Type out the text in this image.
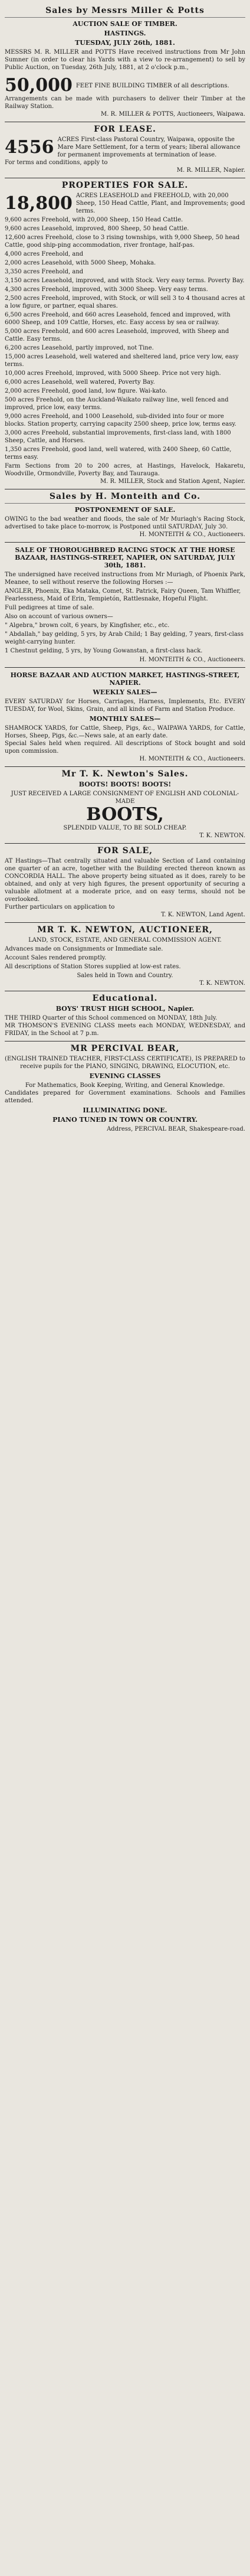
Sales by Messrs Miller & Potts
AUCTION SALE OF TIMBER.
HASTINGS.
TUESDAY, JULY 26th, 1881.
MESSRS M. R. MILLER and POTTS Have received instructions from Mr John Sumner (in order to clear his Yards with a view to re-arrangement) to sell by Public Auction, on Tuesday, 26th July, 1881, at 2 o'clock p.m.,
50,000 FEET FINE BUILDING TIMBER of all descriptions.
Arrangements can be made with purchasers to deliver their Timber at the Railway Station.
M. R. MILLER & POTTS, Auctioneers, Waipawa.
FOR LEASE.
4556 ACRES First-class Pastoral Country, Waipawa, opposite the Mare Mare Settlement, for a term of years; liberal allowance for permanent improvements at termination of lease.
For terms and conditions, apply to
M. R. MILLER, Napier.
PROPERTIES FOR SALE.
18,800 ACRES LEASEHOLD and FREEHOLD, with 20,000 Sheep, 150 Head Cattle, Plant, and Improvements; good terms.
9,600 acres Freehold, with 20,000 Sheep, 150 Head Cattle.
9,600 acres Leasehold, improved, 800 Sheep, 50 head Cattle.
12,600 acres Freehold, close to 3 rising townships, with 9,000 Sheep, 50 head Cattle, good ship-ping accommodation, river frontage, half-pas.
4,000 acres Freehold, and
2,000 acres Leasehold, with 5000 Sheep, Mohaka.
3,350 acres Freehold, and
3,150 acres Leasehold, improved, and with Stock. Very easy terms. Poverty Bay.
4,300 acres Freehold, improved, with 3000 Sheep. Very easy terms.
2,500 acres Freehold, improved, with Stock, or will sell 3 to 4 thousand acres at a low figure, or partner, equal shares.
6,500 acres Freehold, and 660 acres Leasehold, fenced and improved, with 6000 Sheep, and 109 Cattle, Horses, etc. Easy access by sea or railway.
5,000 acres Freehold, and 600 acres Leasehold, improved, with Sheep and Cattle. Easy terms.
6,200 acres Leasehold, partly improved, not Tine.
15,000 acres Leasehold, well watered and sheltered land, price very low, easy terms.
10,000 acres Freehold, improved, with 5000 Sheep. Price not very high.
6,000 acres Leasehold, well watered, Poverty Bay.
2,000 acres Freehold, good land, low figure. Wai-kato.
500 acres Freehold, on the Auckland-Waikato railway line, well fenced and improved, price low, easy terms.
9,000 acres Freehold, and 1000 Leasehold, sub-divided into four or more blocks. Station property, carrying capacity 2500 sheep, price low, terms easy.
3,000 acres Freehold, substantial improvements, first-class land, with 1800 Sheep, Cattle, and Horses.
1,350 acres Freehold, good land, well watered, with 2400 Sheep, 60 Cattle, terms easy.
Farm Sections from 20 to 200 acres, at Hastings, Havelock, Hakaretu, Woodville, Ormondville, Poverty Bay, and Taurauga.
M. R. MILLER, Stock and Station Agent, Napier.
Sales by H. Monteith and Co.
POSTPONEMENT OF SALE.
OWING to the bad weather and floods, the sale of Mr Muriagh's Racing Stock, advertised to take place to-morrow, is Postponed until SATURDAY, July 30.
H. MONTEITH & CO., Auctioneers.
SALE OF THOROUGHBRED RACING STOCK AT THE HORSE BAZAAR, HASTINGS-STREET, NAPIER, ON SATURDAY, JULY 30th, 1881.
The undersigned have received instructions from Mr Muriagh, of Phoenix Park, Meanee, to sell without reserve the following Horses :—
ANGLER, Phoenix, Eka Mataka, Comet, St. Patrick, Fairy Queen, Tam Whiffler, Fearlessness, Maid of Erin, Tempietón, Rattlesnake, Hopeful Flight.
Full pedigrees at time of sale.
Also on account of various owners—
" Algebra," brown colt, 6 years, by Kingfisher, etc., etc.
" Abdallah," bay gelding, 5 yrs, by Arab Child; 1 Bay gelding, 7 years, first-class weight-carrying hunter.
1 Chestnut gelding, 5 yrs, by Young Gowanstan, a first-class hack.
H. MONTEITH & CO., Auctioneers.
HORSE BAZAAR AND AUCTION MARKET, HASTINGS-STREET, NAPIER.
WEEKLY SALES—
EVERY SATURDAY for Horses, Carriages, Harness, Implements, Etc. EVERY TUESDAY, for Wool, Skins, Grain, and all kinds of Farm and Station Produce.
MONTHLY SALES—
SHAMROCK YARDS, for Cattle, Sheep, Pigs, &c., WAIPAWA YARDS, for Cattle, Horses, Sheep, Pigs, &c.—News sale, at an early date.
Special Sales held when required. All descriptions of Stock bought and sold upon commission.
H. MONTEITH & CO., Auctioneers.
Mr T. K. Newton's Sales.
BOOTS! BOOTS! BOOTS!
JUST RECEIVED A LARGE CONSIGNMENT OF ENGLISH AND COLONIAL-MADE
BOOTS,
SPLENDID VALUE, TO BE SOLD CHEAP.
T. K. NEWTON.
FOR SALE,
AT Hastings—That centrally situated and valuable Section of Land containing one quarter of an acre, together with the Building erected thereon known as CONCORDIA HALL. The above property being situated as it does, rarely to be obtained, and only at very high figures, the present opportunity of securing a valuable allotment at a moderate price, and on easy terms, should not be overlooked.
Further particulars on application to
T. K. NEWTON, Land Agent.
MR T. K. NEWTON, AUCTIONEER,
LAND, STOCK, ESTATE, AND GENERAL COMMISSION AGENT.
Advances made on Consignments or Immediate sale.
Account Sales rendered promptly.
All descriptions of Station Stores supplied at low-est rates.
Sales held in Town and Country.
T. K. NEWTON.
Educational.
BOYS' TRUST HIGH SCHOOL, Napier.
THE THIRD Quarter of this School commenced on MONDAY, 18th July.
MR THOMSON'S EVENING CLASS meets each MONDAY, WEDNESDAY, and FRIDAY, in the School at 7 p.m.
MR PERCIVAL BEAR,
(ENGLISH TRAINED TEACHER, FIRST-CLASS CERTIFICATE), IS PREPARED to receive pupils for the PIANO, SINGING, DRAWING, ELOCUTION, etc.
EVENING CLASSES
For Mathematics, Book Keeping, Writing, and General Knowledge.
Candidates prepared for Government examinations. Schools and Families attended.
ILLUMINATING DONE.
PIANO TUNED IN TOWN OR COUNTRY.
Address, PERCIVAL BEAR, Shakespeare-road.
